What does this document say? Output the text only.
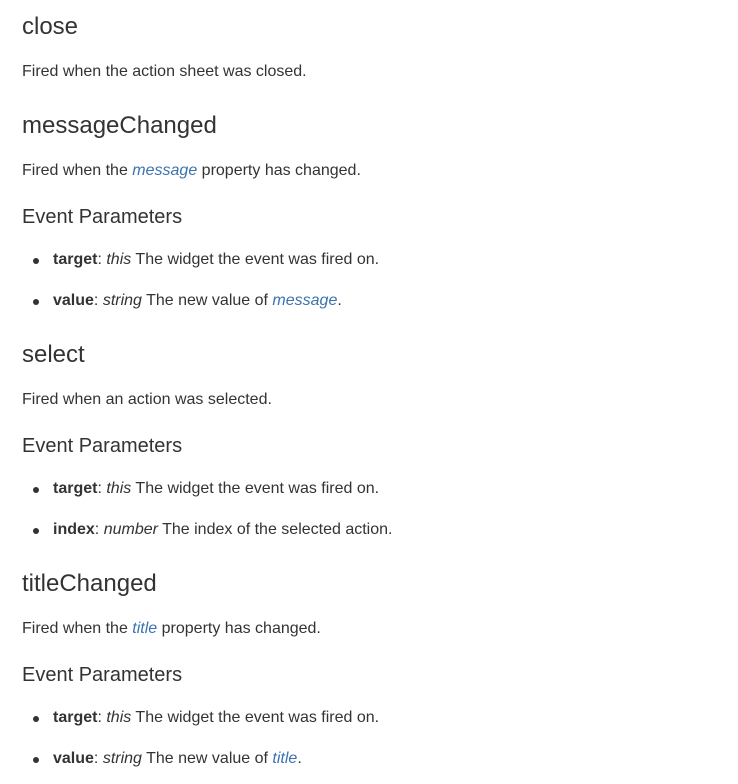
close

Fired when the action sheet was closed.

messageChanged

Fired when the message property has changed.

Event Parameters
target: this The widget the event was fired on.
value: string The new value of message.
select

Fired when an action was selected.

Event Parameters
target: this The widget the event was fired on.
index: number The index of the selected action.
titleChanged

Fired when the title property has changed.

Event Parameters
target: this The widget the event was fired on.
value: string The new value of title.
